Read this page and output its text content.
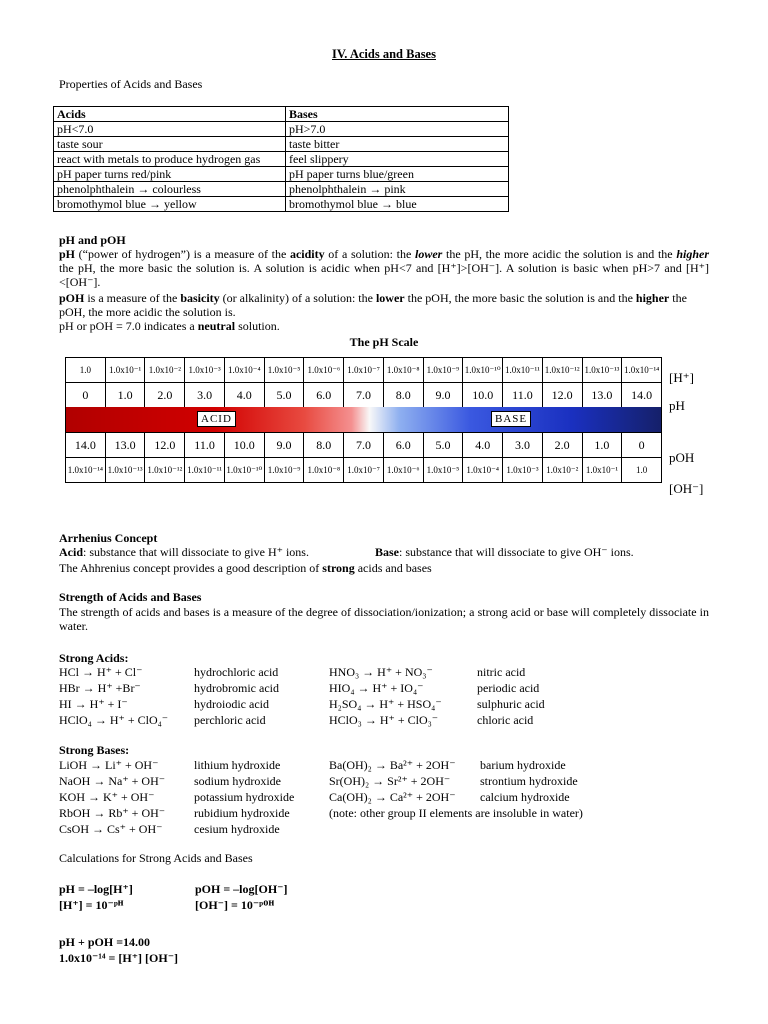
IV. Acids and Bases
Properties of Acids and Bases
Acids	Bases
pH<7.0	pH>7.0
taste sour	taste bitter
react with metals to produce hydrogen gas	feel slippery
pH paper turns red/pink	pH paper turns blue/green
phenolphthalein → colourless	phenolphthalein → pink
bromothymol blue → yellow	bromothymol blue → blue
pH and pOH
pH (“power of hydrogen”) is a measure of the acidity of a solution: the lower the pH, the more acidic the solution is and the higher the pH, the more basic the solution is. A solution is acidic when pH<7 and [H⁺]>[OH⁻]. A solution is basic when pH>7 and [H⁺]<[OH⁻].
pOH is a measure of the basicity (or alkalinity) of a solution: the lower the pOH, the more basic the solution is and the higher the pOH, the more acidic the solution is.
pH or pOH = 7.0 indicates a neutral solution.
The pH Scale
1.0	1.0x10⁻¹ 1.0x10⁻² 1.0x10⁻³ 1.0x10⁻⁴ 1.0x10⁻⁵ 1.0x10⁻⁶ 1.0x10⁻⁷ 1.0x10⁻⁸ 1.0x10⁻⁹ 1.0x10⁻¹⁰ 1.0x10⁻¹¹ 1.0x10⁻¹² 1.0x10⁻¹³ 1.0x10⁻¹⁴
0	1.0	2.0	3.0	4.0	5.0	6.0	7.0	8.0	9.0	10.0	11.0	12.0	13.0	14.0
ACID	BASE
14.0	13.0	12.0	11.0	10.0	9.0	8.0	7.0	6.0	5.0	4.0	3.0	2.0	1.0	0
1.0x10⁻¹⁴ 1.0x10⁻¹³ 1.0x10⁻¹² 1.0x10⁻¹¹ 1.0x10⁻¹⁰ 1.0x10⁻⁹ 1.0x10⁻⁸ 1.0x10⁻⁷ 1.0x10⁻⁶ 1.0x10⁻⁵ 1.0x10⁻⁴ 1.0x10⁻³ 1.0x10⁻² 1.0x10⁻¹	1.0
[H⁺]
pH
pOH
[OH⁻]
Arrhenius Concept
Acid: substance that will dissociate to give H⁺ ions.	Base: substance that will dissociate to give OH⁻ ions.
The Ahhrenius concept provides a good description of strong acids and bases
Strength of Acids and Bases
The strength of acids and bases is a measure of the degree of dissociation/ionization; a strong acid or base will completely dissociate in water.
Strong Acids:
HCl → H⁺ + Cl⁻	hydrochloric acid
HBr → H⁺ +Br⁻	hydrobromic acid
HI → H⁺ + I⁻	hydroiodic acid
HClO₄ → H⁺ + ClO₄⁻ perchloric acid
HNO₃ → H⁺ + NO₃⁻	nitric acid
HIO₄ → H⁺ + IO₄⁻	periodic acid
H₂SO₄ → H⁺ + HSO₄⁻	sulphuric acid
HClO₃ → H⁺ + ClO₃⁻	chloric acid
Strong Bases:
LiOH → Li⁺ + OH⁻	lithium hydroxide
NaOH → Na⁺ + OH⁻ sodium hydroxide
KOH → K⁺ + OH⁻	potassium hydroxide
RbOH → Rb⁺ + OH⁻ rubidium hydroxide
CsOH → Cs⁺ + OH⁻	cesium hydroxide
Ba(OH)₂ → Ba²⁺ + 2OH⁻ barium hydroxide
Sr(OH)₂ → Sr²⁺ + 2OH⁻ strontium hydroxide
Ca(OH)₂ → Ca²⁺ + 2OH⁻ calcium hydroxide
(note: other group II elements are insoluble in water)
Calculations for Strong Acids and Bases
pH = –log[H⁺]
[H⁺] = 10⁻ᵖᴴ
pOH = –log[OH⁻]
[OH⁻] = 10⁻ᵖᴼᴴ
pH + pOH =14.00
1.0x10⁻¹⁴ = [H⁺] [OH⁻]
